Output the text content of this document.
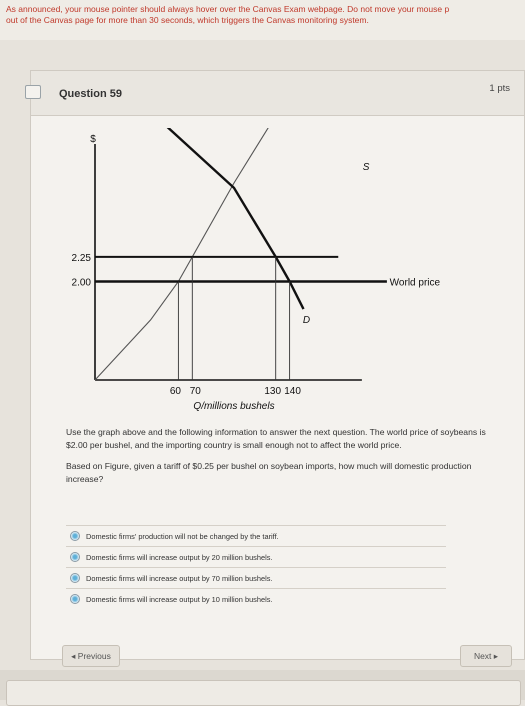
As announced, your mouse pointer should always hover over the Canvas Exam webpage. Do not move your mouse p
out of the Canvas page for more than 30 seconds, which triggers the Canvas monitoring system.
Question 59	1 pts
$
Q/millions bushels
60 70	130 140
2.25
2.00
S
D
World price

Use the graph above and the following information to answer the next question. The world price of soybeans is $2.00 per bushel, and the importing country is small enough not to affect the world price.

Based on Figure, given a tariff of $0.25 per bushel on soybean imports, how much will domestic production increase?

Domestic firms' production will not be changed by the tariff.
Domestic firms will increase output by 20 million bushels.
Domestic firms will increase output by 70 million bushels.
Domestic firms will increase output by 10 million bushels.
◂ Previous	Next ▸
